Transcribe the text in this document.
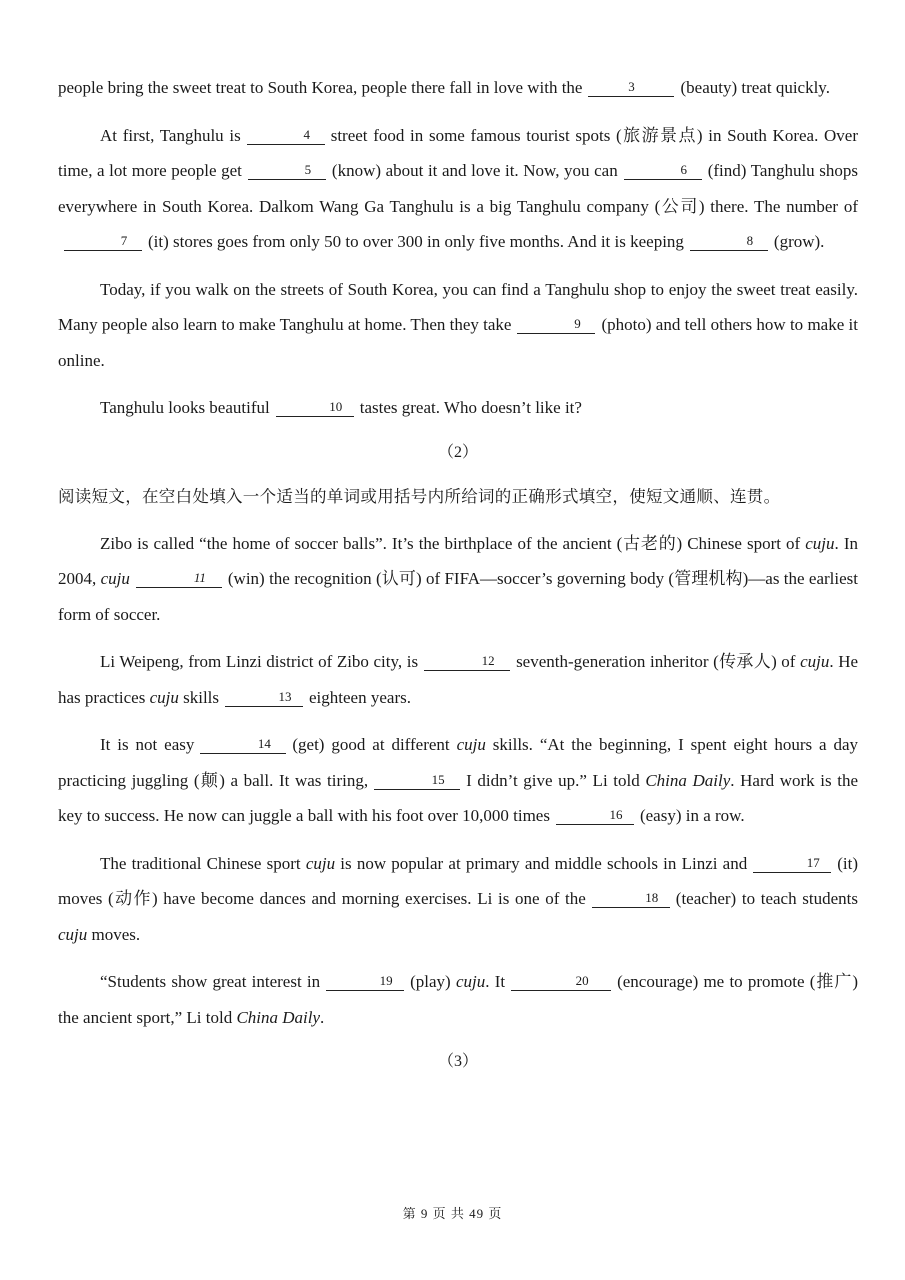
people bring the sweet treat to South Korea, people there fall in love with the	3	(beauty) treat quickly.

At first, Tanghulu is	4 street food in some famous tourist spots (旅游景点) in South Korea. Over time, a lot more people get	5 (know) about it and love it. Now, you can	6 (find) Tanghulu shops everywhere in South Korea. Dalkom Wang Ga Tanghulu is a big Tanghulu company (公司) there. The number of7 (it) stores goes from only 50 to over 300 in only five months. And it is keeping	8 (grow).

Today, if you walk on the streets of South Korea, you can find a Tanghulu shop to enjoy the sweet treat easily. Many people also learn to make Tanghulu at home. Then they take	9 (photo) and tell others how to make it online.

Tanghulu looks beautiful	10 tastes great. Who doesn’t like it?

（2）

阅读短文，在空白处填入一个适当的单词或用括号内所给词的正确形式填空，使短文通顺、连贯。

Zibo is called “the home of soccer balls”. It’s the birthplace of the ancient (古老的) Chinese sport of cuju. In 2004, cuju	11 (win) the recognition (认可) of FIFA—soccer’s governing body (管理机构)—as the earliest form of soccer.

Li Weipeng, from Linzi district of Zibo city, is	12 seventh-generation inheritor (传承人) of cuju. He has practices cuju skills	13 eighteen years.

It is not easy	14 (get) good at different cuju skills. “At the beginning, I spent eight hours a day practicing juggling (颠) a ball. It was tiring,	15 I didn’t give up.” Li told China Daily. Hard work is the key to success. He now can juggle a ball with his foot over 10,000 times	16 (easy) in a row.

The traditional Chinese sport cuju is now popular at primary and middle schools in Linzi and	17 (it) moves (动作) have become dances and morning exercises. Li is one of the	18 (teacher) to teach students cuju moves.

“Students show great interest in	19 (play) cuju. It	20 (encourage) me to promote (推广) the ancient sport,” Li told China Daily.

（3）

第 9 页 共 49 页
